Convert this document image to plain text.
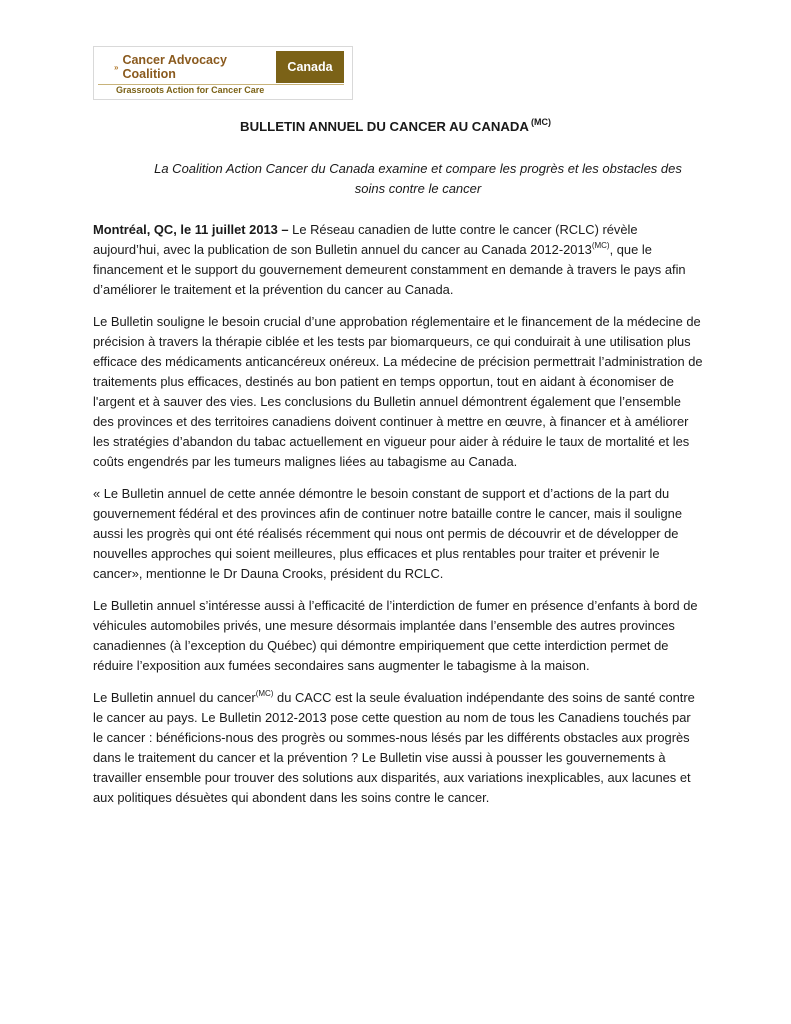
» Cancer Advocacy Coalition	Canada
Grassroots Action for Cancer Care
BULLETIN ANNUEL DU CANCER AU CANADA $^{(MC)}$
La Coalition Action Cancer du Canada examine et compare les progrès et les obstacles des soins contre le cancer

Montréal, QC, le 11 juillet 2013 – Le Réseau canadien de lutte contre le cancer (RCLC) révèle aujourd’hui, avec la publication de son Bulletin annuel du cancer au Canada $2012-2013^{(MC)}$, que le financement et le support du gouvernement demeurent constamment en demande à travers le pays afin d’améliorer le traitement et la prévention du cancer au Canada.

Le Bulletin souligne le besoin crucial d’une approbation réglementaire et le financement de la médecine de précision à travers la thérapie ciblée et les tests par biomarqueurs, ce qui conduirait à une utilisation plus efficace des médicaments anticancéreux onéreux. La médecine de précision permettrait l’administration de traitements plus efficaces, destinés au bon patient en temps opportun, tout en aidant à économiser de l'argent et à sauver des vies. Les conclusions du Bulletin annuel démontrent également que l’ensemble des provinces et des territoires canadiens doivent continuer à mettre en œuvre, à financer et à améliorer les stratégies d’abandon du tabac actuellement en vigueur pour aider à réduire le taux de mortalité et les coûts engendrés par les tumeurs malignes liées au tabagisme au Canada.

« Le Bulletin annuel de cette année démontre le besoin constant de support et d’actions de la part du gouvernement fédéral et des provinces afin de continuer notre bataille contre le cancer, mais il souligne aussi les progrès qui ont été réalisés récemment qui nous ont permis de découvrir et de développer de nouvelles approches qui soient meilleures, plus efficaces et plus rentables pour traiter et prévenir le cancer», mentionne le Dr Dauna Crooks, président du RCLC.

Le Bulletin annuel s’intéresse aussi à l’efficacité de l’interdiction de fumer en présence d’enfants à bord de véhicules automobiles privés, une mesure désormais implantée dans l’ensemble des autres provinces canadiennes (à l’exception du Québec) qui démontre empiriquement que cette interdiction permet de réduire l’exposition aux fumées secondaires sans augmenter le tabagisme à la maison.

Le Bulletin annuel du cancer$^{(MC)}$ du CACC est la seule évaluation indépendante des soins de santé contre le cancer au pays. Le Bulletin 2012-2013 pose cette question au nom de tous les Canadiens touchés par le cancer : bénéficions-nous des progrès ou sommes-nous lésés par les différents obstacles aux progrès dans le traitement du cancer et la prévention ? Le Bulletin vise aussi à pousser les gouvernements à travailler ensemble pour trouver des solutions aux disparités, aux variations inexplicables, aux lacunes et aux politiques désuètes qui abondent dans les soins contre le cancer.
